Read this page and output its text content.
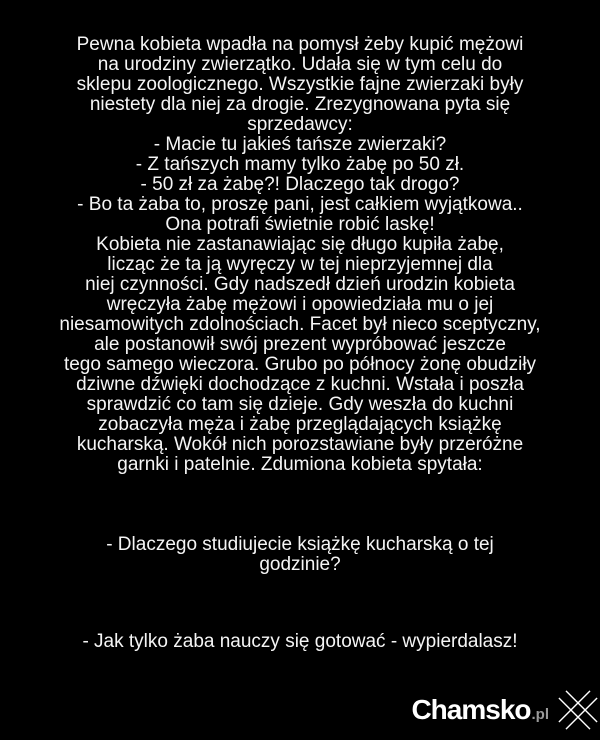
Pewna kobieta wpadła na pomysł żeby kupić mężowi
na urodziny zwierzątko. Udała się w tym celu do
sklepu zoologicznego. Wszystkie fajne zwierzaki były
niestety dla niej za drogie. Zrezygnowana pyta się
sprzedawcy:
- Macie tu jakieś tańsze zwierzaki?
- Z tańszych mamy tylko żabę po 50 zł.
- 50 zł za żabę?! Dlaczego tak drogo?
- Bo ta żaba to, proszę pani, jest całkiem wyjątkowa..
Ona potrafi świetnie robić laskę!
Kobieta nie zastanawiając się długo kupiła żabę,
licząc że ta ją wyręczy w tej nieprzyjemnej dla
niej czynności. Gdy nadszedł dzień urodzin kobieta
wręczyła żabę mężowi i opowiedziała mu o jej
niesamowitych zdolnościach. Facet był nieco sceptyczny,
ale postanowił swój prezent wypróbować jeszcze
tego samego wieczora. Grubo po północy żonę obudziły
dziwne dźwięki dochodzące z kuchni. Wstała i poszła
sprawdzić co tam się dzieje. Gdy weszła do kuchni
zobaczyła męża i żabę przeglądających książkę
kucharską. Wokół nich porozstawiane były przeróżne
garnki i patelnie. Zdumiona kobieta spytała:
- Dlaczego studiujecie książkę kucharską o tej
godzinie?
- Jak tylko żaba nauczy się gotować - wypierdalasz!
Chamsko .pl
